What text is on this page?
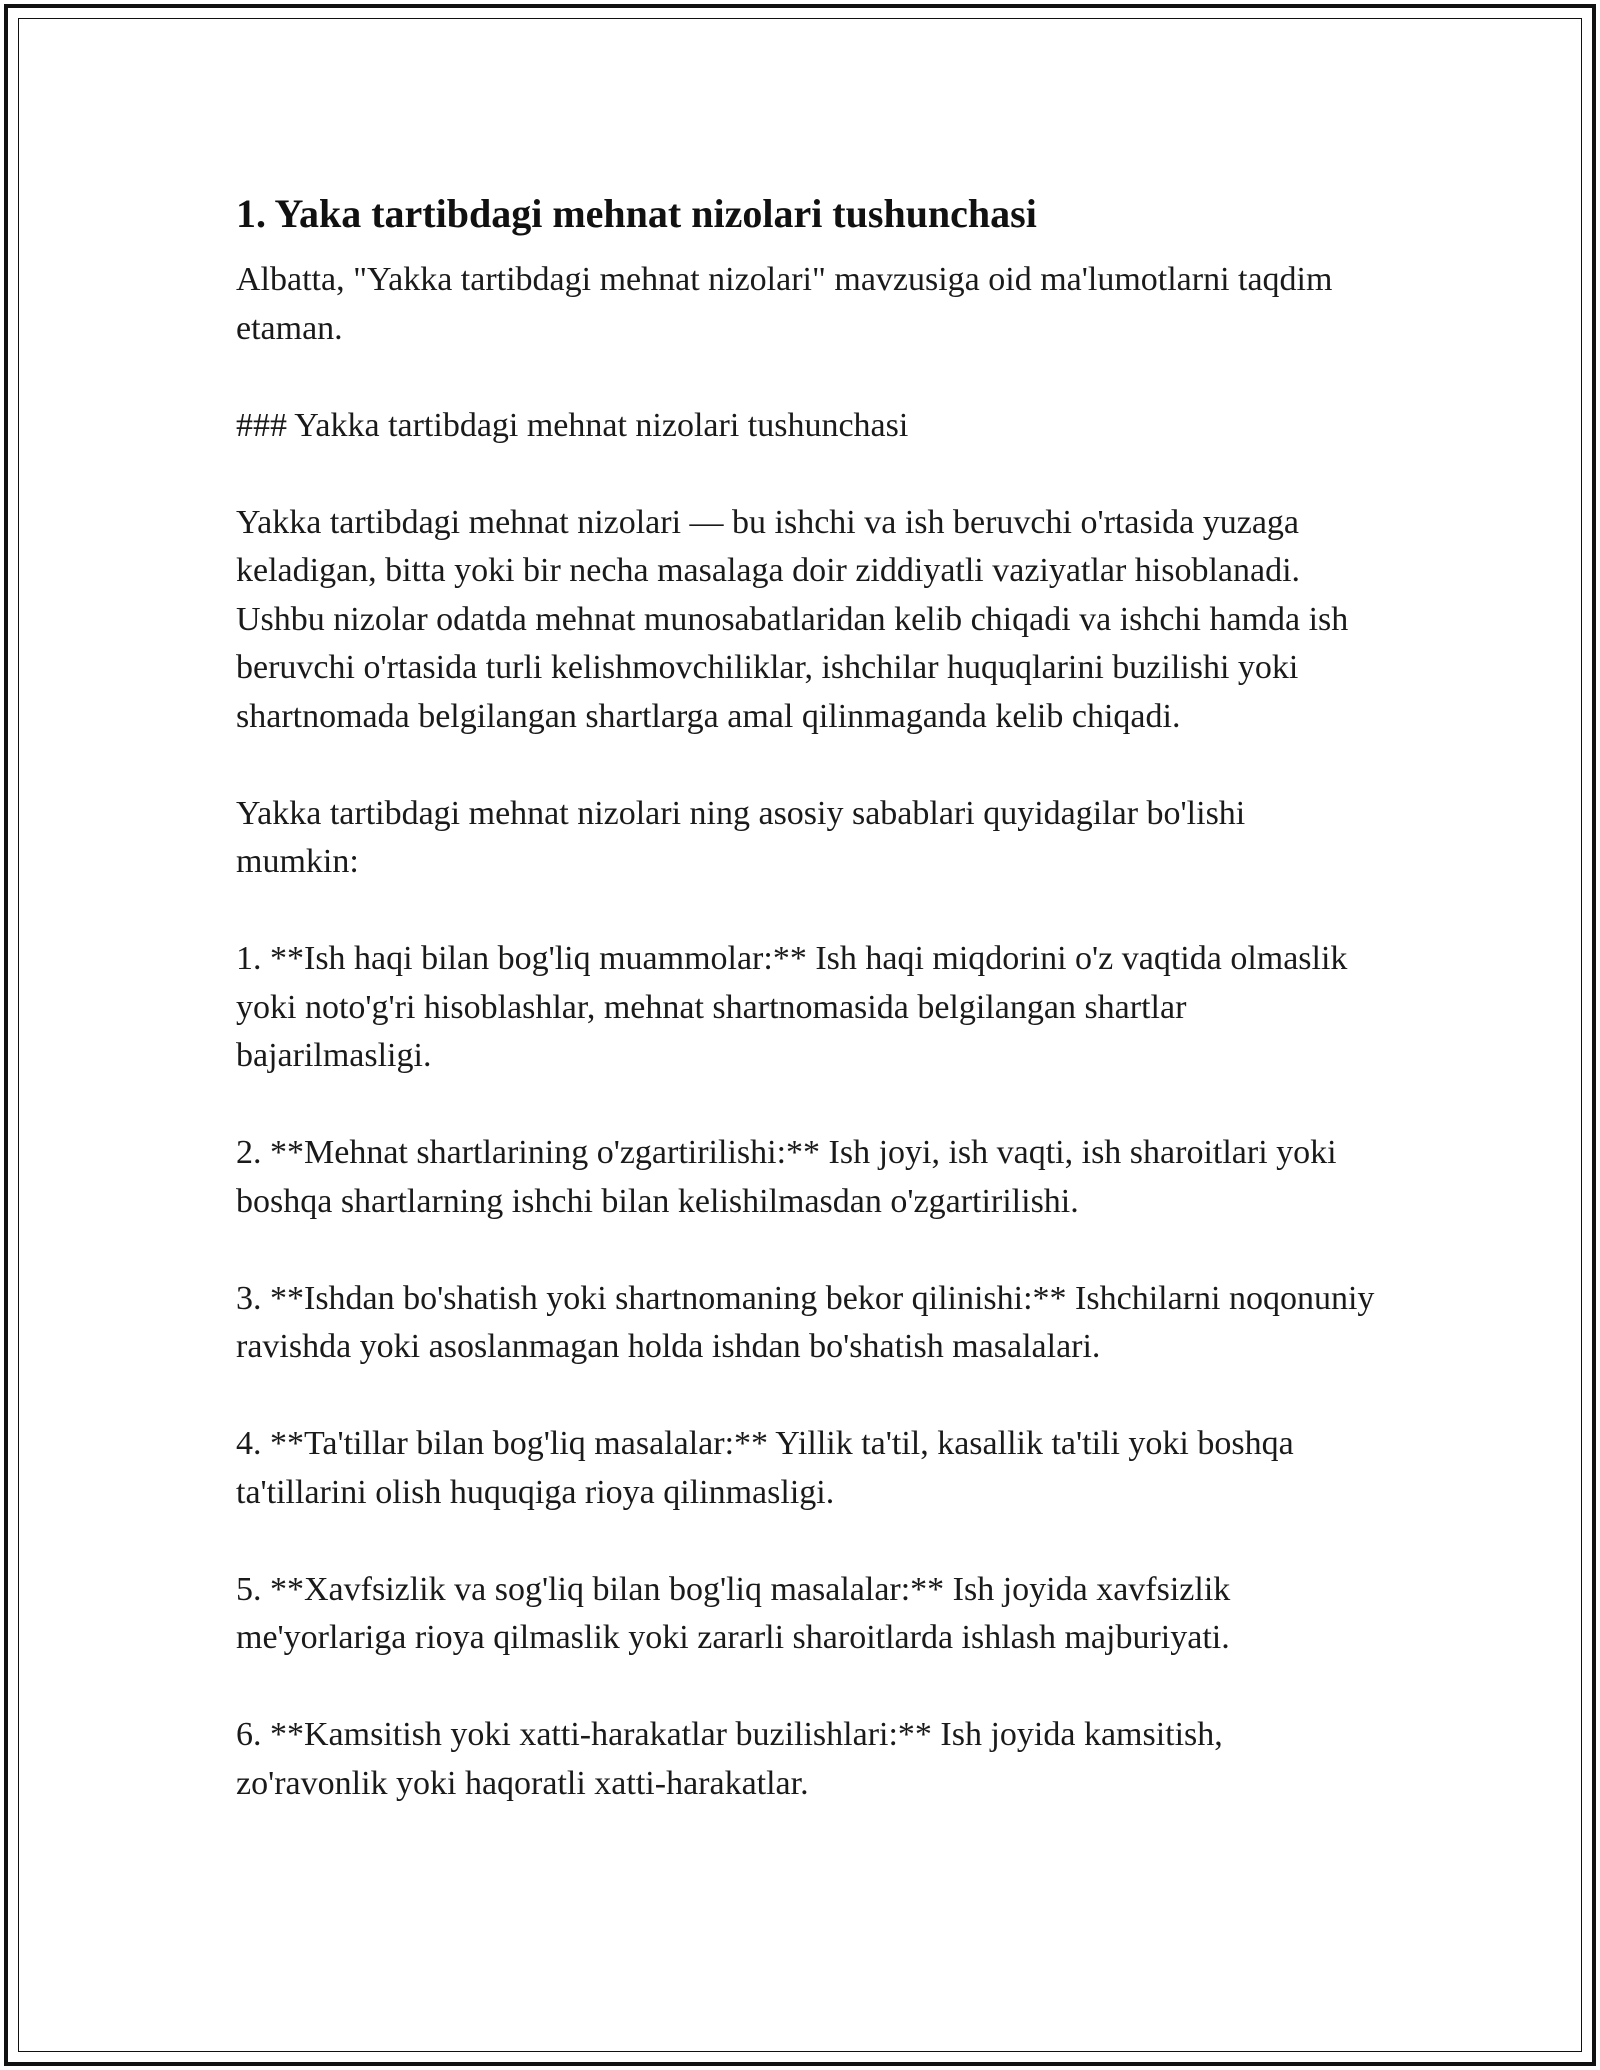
1. Yaka tartibdagi mehnat nizolari tushunchasi

Albatta, "Yakka tartibdagi mehnat nizolari" mavzusiga oid ma'lumotlarni taqdim etaman.

### Yakka tartibdagi mehnat nizolari tushunchasi

Yakka tartibdagi mehnat nizolari — bu ishchi va ish beruvchi o'rtasida yuzaga keladigan, bitta yoki bir necha masalaga doir ziddiyatli vaziyatlar hisoblanadi. Ushbu nizolar odatda mehnat munosabatlaridan kelib chiqadi va ishchi hamda ish beruvchi o'rtasida turli kelishmovchiliklar, ishchilar huquqlarini buzilishi yoki shartnomada belgilangan shartlarga amal qilinmaganda kelib chiqadi.

Yakka tartibdagi mehnat nizolari ning asosiy sabablari quyidagilar bo'lishi mumkin:

1. **Ish haqi bilan bog'liq muammolar:** Ish haqi miqdorini o'z vaqtida olmaslik yoki noto'g'ri hisoblashlar, mehnat shartnomasida belgilangan shartlar bajarilmasligi.

2. **Mehnat shartlarining o'zgartirilishi:** Ish joyi, ish vaqti, ish sharoitlari yoki boshqa shartlarning ishchi bilan kelishilmasdan o'zgartirilishi.

3. **Ishdan bo'shatish yoki shartnomaning bekor qilinishi:** Ishchilarni noqonuniy ravishda yoki asoslanmagan holda ishdan bo'shatish masalalari.

4. **Ta'tillar bilan bog'liq masalalar:** Yillik ta'til, kasallik ta'tili yoki boshqa ta'tillarini olish huquqiga rioya qilinmasligi.

5. **Xavfsizlik va sog'liq bilan bog'liq masalalar:** Ish joyida xavfsizlik me'yorlariga rioya qilmaslik yoki zararli sharoitlarda ishlash majburiyati.

6. **Kamsitish yoki xatti-harakatlar buzilishlari:** Ish joyida kamsitish, zo'ravonlik yoki haqoratli xatti-harakatlar.
